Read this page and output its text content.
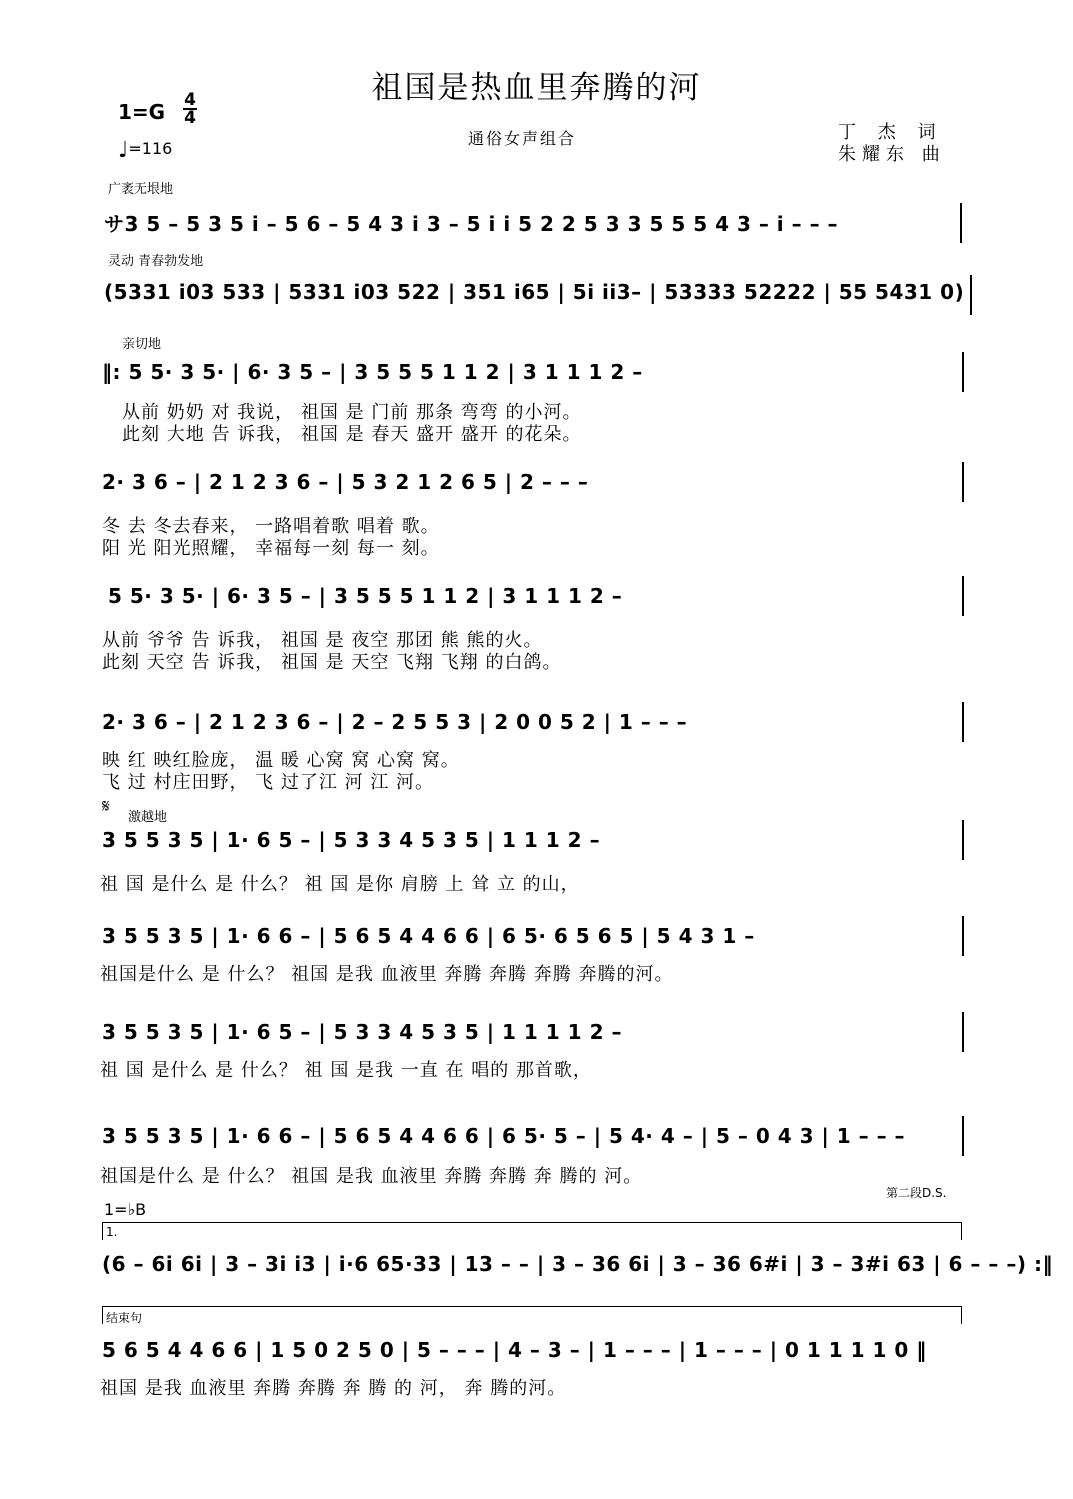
祖国是热血里奔腾的河
1=G 4
4
♩=116
通俗女声组合	丁 杰 词
朱耀东 曲
广袤无垠地
サ3 5 – 5 3 5 i – 5 6 – 5 4 3 i 3 – 5 i i 5 2 2 5 3 3 5 5 5 4 3 – i – – –
灵动 青春勃发地
(5331 i03 533 | 5331 i03 522 | 351 i65 | 5i ii3– | 53333 52222 | 55 5431 0)
亲切地
‖: 5 5· 3 5· | 6· 3 5 – | 3 5 5 5 1 1 2 | 3 1 1 1 2 –
从前 奶奶 对 我说， 祖国 是 门前 那条 弯弯 的小河。
此刻 大地 告 诉我， 祖国 是 春天 盛开 盛开 的花朵。
2· 3 6 – | 2 1 2 3 6 – | 5 3 2 1 2 6 5 | 2 – – –
冬 去 冬去春来， 一路唱着歌 唱着 歌。
阳 光 阳光照耀， 幸福每一刻 每一 刻。
5 5· 3 5· | 6· 3 5 – | 3 5 5 5 1 1 2 | 3 1 1 1 2 –
从前 爷爷 告 诉我， 祖国 是 夜空 那团 熊 熊的火。
此刻 天空 告 诉我， 祖国 是 天空 飞翔 飞翔 的白鸽。
2· 3 6 – | 2 1 2 3 6 – | 2 – 2 5 5 3 | 2 0 0 5 2 | 1 – – –
映 红 映红脸庞， 温 暖 心窝 窝 心窝 窝。
飞 过 村庄田野， 飞 过了江 河 江 河。
𝄋
激越地
3 5 5 3 5 | 1· 6 5 – | 5 3 3 4 5 3 5 | 1 1 1 2 –
祖 国 是什么 是 什么？ 祖 国 是你 肩膀 上 耸 立 的山，
3 5 5 3 5 | 1· 6 6 – | 5 6 5 4 4 6 6 | 6 5· 6 5 6 5 | 5 4 3 1 –
祖国是什么 是 什么？ 祖国 是我 血液里 奔腾 奔腾 奔腾 奔腾的河。
3 5 5 3 5 | 1· 6 5 – | 5 3 3 4 5 3 5 | 1 1 1 1 2 –
祖 国 是什么 是 什么？ 祖 国 是我 一直 在 唱的 那首歌，
3 5 5 3 5 | 1· 6 6 – | 5 6 5 4 4 6 6 | 6 5· 5 – | 5 4· 4 – | 5 – 0 4 3 | 1 – – –
祖国是什么 是 什么？ 祖国 是我 血液里 奔腾 奔腾 奔 腾的 河。
第二段D.S.
1=♭B
1.
(6 – 6i 6i | 3 – 3i i3 | i·6 65·33 | 13 – – | 3 – 36 6i | 3 – 36 6#i | 3 – 3#i 63 | 6 – – –) :‖
结束句
5 6 5 4 4 6 6 | 1 5 0 2 5 0 | 5 – – – | 4 – 3 – | 1 – – – | 1 – – – | 0 1 1 1 1 0 ‖
祖国 是我 血液里 奔腾 奔腾 奔 腾 的 河， 奔 腾的河。
